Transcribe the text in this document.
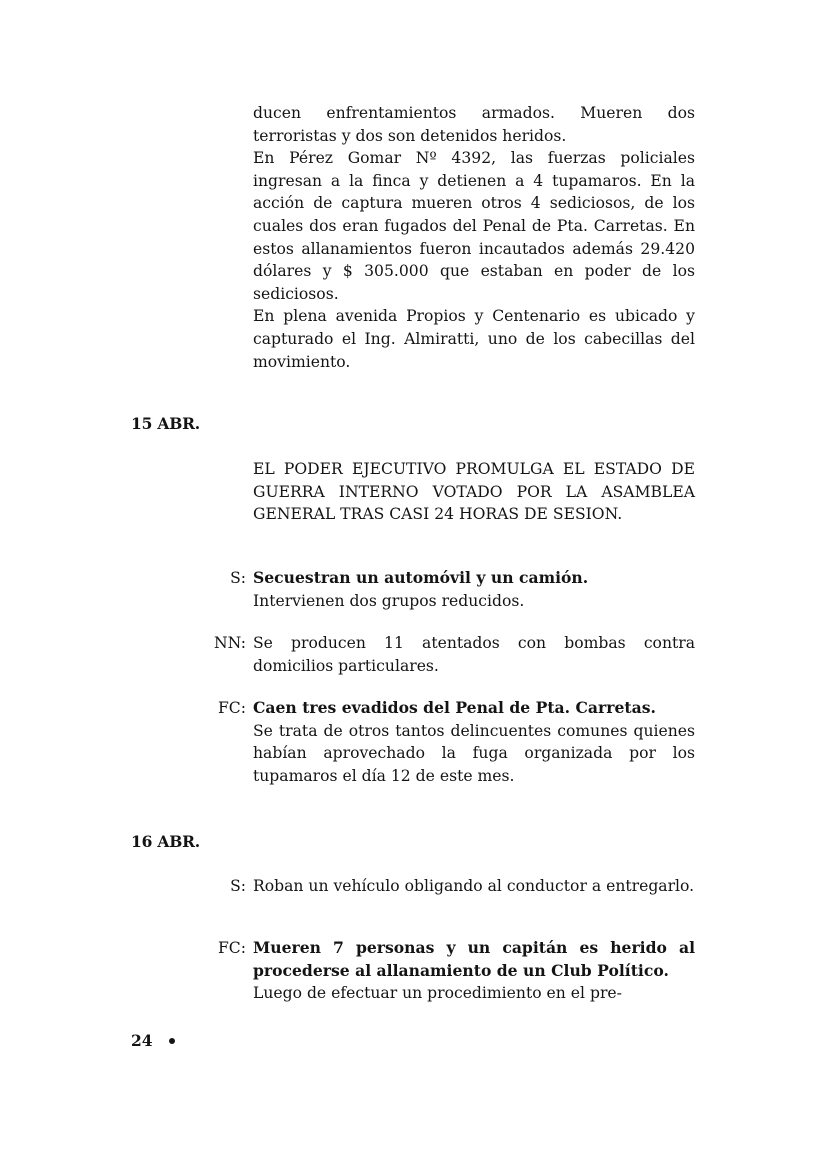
ducen enfrentamientos armados. Mueren dos terroristas y dos son detenidos heridos.

En Pérez Gomar Nº 4392, las fuerzas policiales ingresan a la finca y detienen a 4 tupamaros. En la acción de captura mueren otros 4 sediciosos, de los cuales dos eran fugados del Penal de Pta. Carretas. En estos allanamientos fueron incautados además 29.420 dólares y $ 305.000 que estaban en poder de los sediciosos.

En plena avenida Propios y Centenario es ubicado y capturado el Ing. Almiratti, uno de los cabecillas del movimiento.

15 ABR.
EL PODER EJECUTIVO PROMULGA EL ESTADO DE GUERRA INTERNO VOTADO POR LA ASAMBLEA GENERAL TRAS CASI 24 HORAS DE SESION.
S: Secuestran un automóvil y un camión.

Intervienen dos grupos reducidos.

NN: Se producen 11 atentados con bombas contra domicilios particulares.

FC: Caen tres evadidos del Penal de Pta. Carretas.

Se trata de otros tantos delincuentes comunes quienes habían aprovechado la fuga organizada por los tupamaros el día 12 de este mes.

16 ABR.
S: Roban un vehículo obligando al conductor a entregarlo.

FC: Mueren 7 personas y un capitán es herido al procederse al allanamiento de un Club Político.

Luego de efectuar un procedimiento en el pre-

24
